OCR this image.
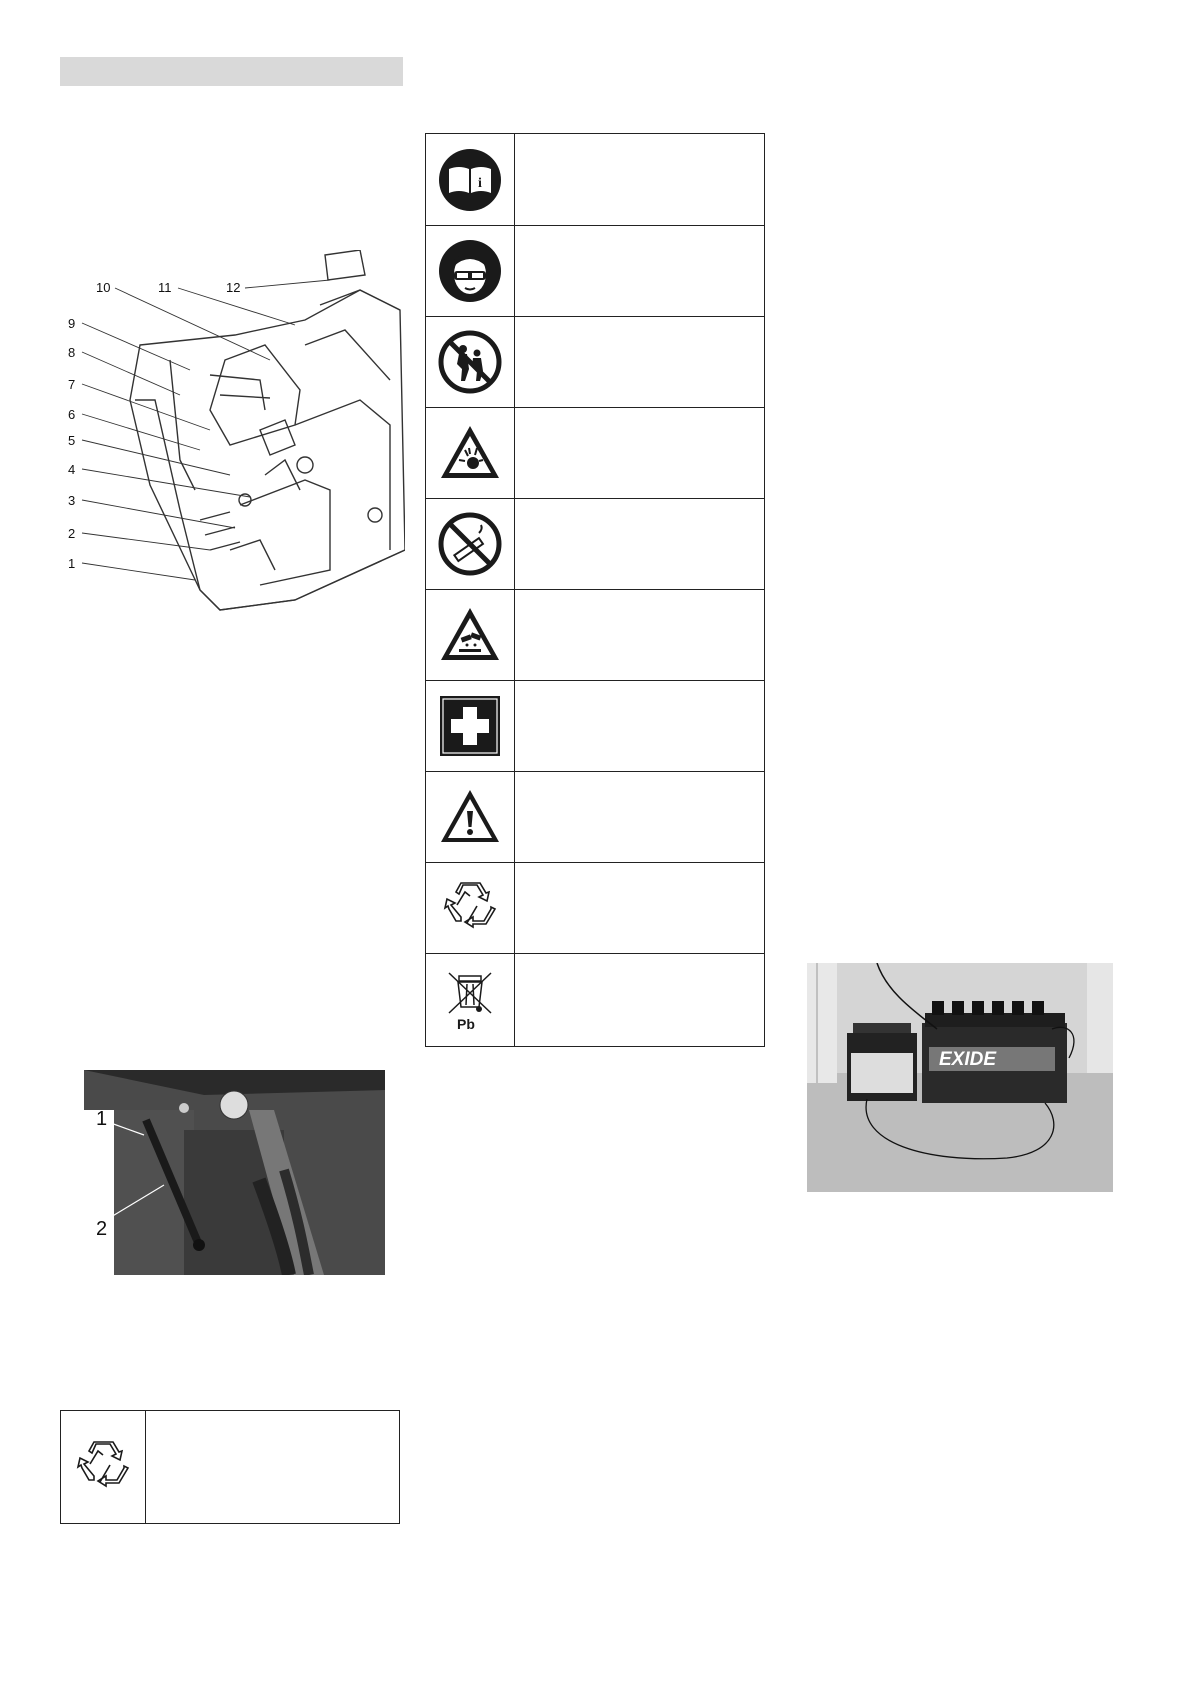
1
2
3
4
5
6
7
8
9
10	11	12
1
2
i
Pb
EXIDE
